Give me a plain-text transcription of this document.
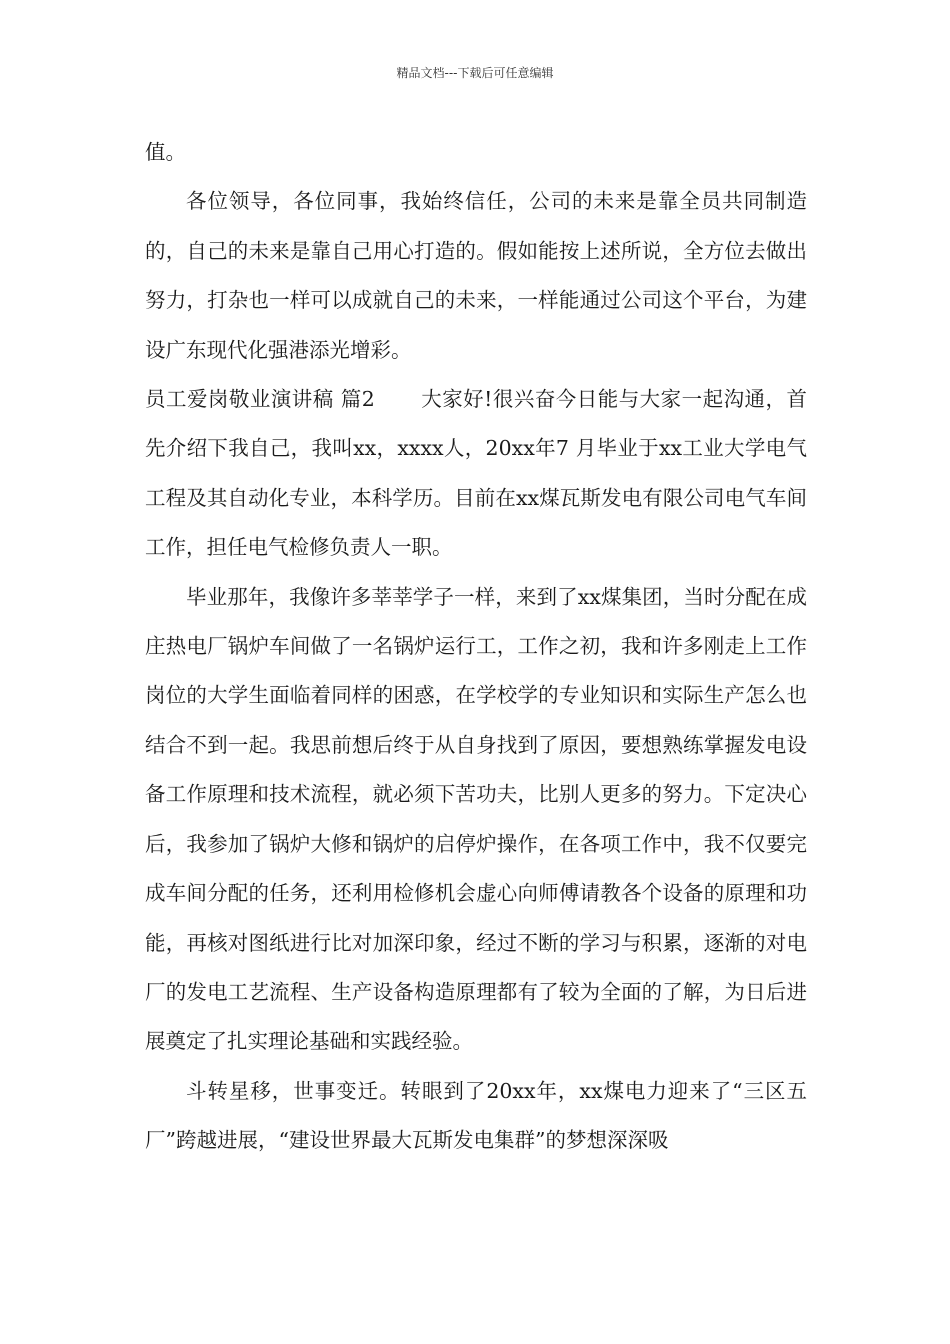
精品文档---下载后可任意编辑

值。

各位领导，各位同事，我始终信任，公司的未来是靠全员共同制造的，自己的未来是靠自己用心打造的。假如能按上述所说，全方位去做出努力，打杂也一样可以成就自己的未来，一样能通过公司这个平台，为建设广东现代化强港添光增彩。

员工爱岗敬业演讲稿 篇2 大家好!很兴奋今日能与大家一起沟通，首先介绍下我自己，我叫xx，xxxx人，20xx年7 月毕业于xx工业大学电气工程及其自动化专业，本科学历。目前在xx煤瓦斯发电有限公司电气车间工作，担任电气检修负责人一职。

毕业那年，我像许多莘莘学子一样，来到了xx煤集团，当时分配在成庄热电厂锅炉车间做了一名锅炉运行工，工作之初，我和许多刚走上工作岗位的大学生面临着同样的困惑，在学校学的专业知识和实际生产怎么也结合不到一起。我思前想后终于从自身找到了原因，要想熟练掌握发电设备工作原理和技术流程，就必须下苦功夫，比别人更多的努力。下定决心后，我参加了锅炉大修和锅炉的启停炉操作，在各项工作中，我不仅要完成车间分配的任务，还利用检修机会虚心向师傅请教各个设备的原理和功能，再核对图纸进行比对加深印象，经过不断的学习与积累，逐渐的对电厂的发电工艺流程、生产设备构造原理都有了较为全面的了解，为日后进展奠定了扎实理论基础和实践经验。

斗转星移，世事变迁。转眼到了20xx年，xx煤电力迎来了“三区五厂”跨越进展，“建设世界最大瓦斯发电集群”的梦想深深吸
